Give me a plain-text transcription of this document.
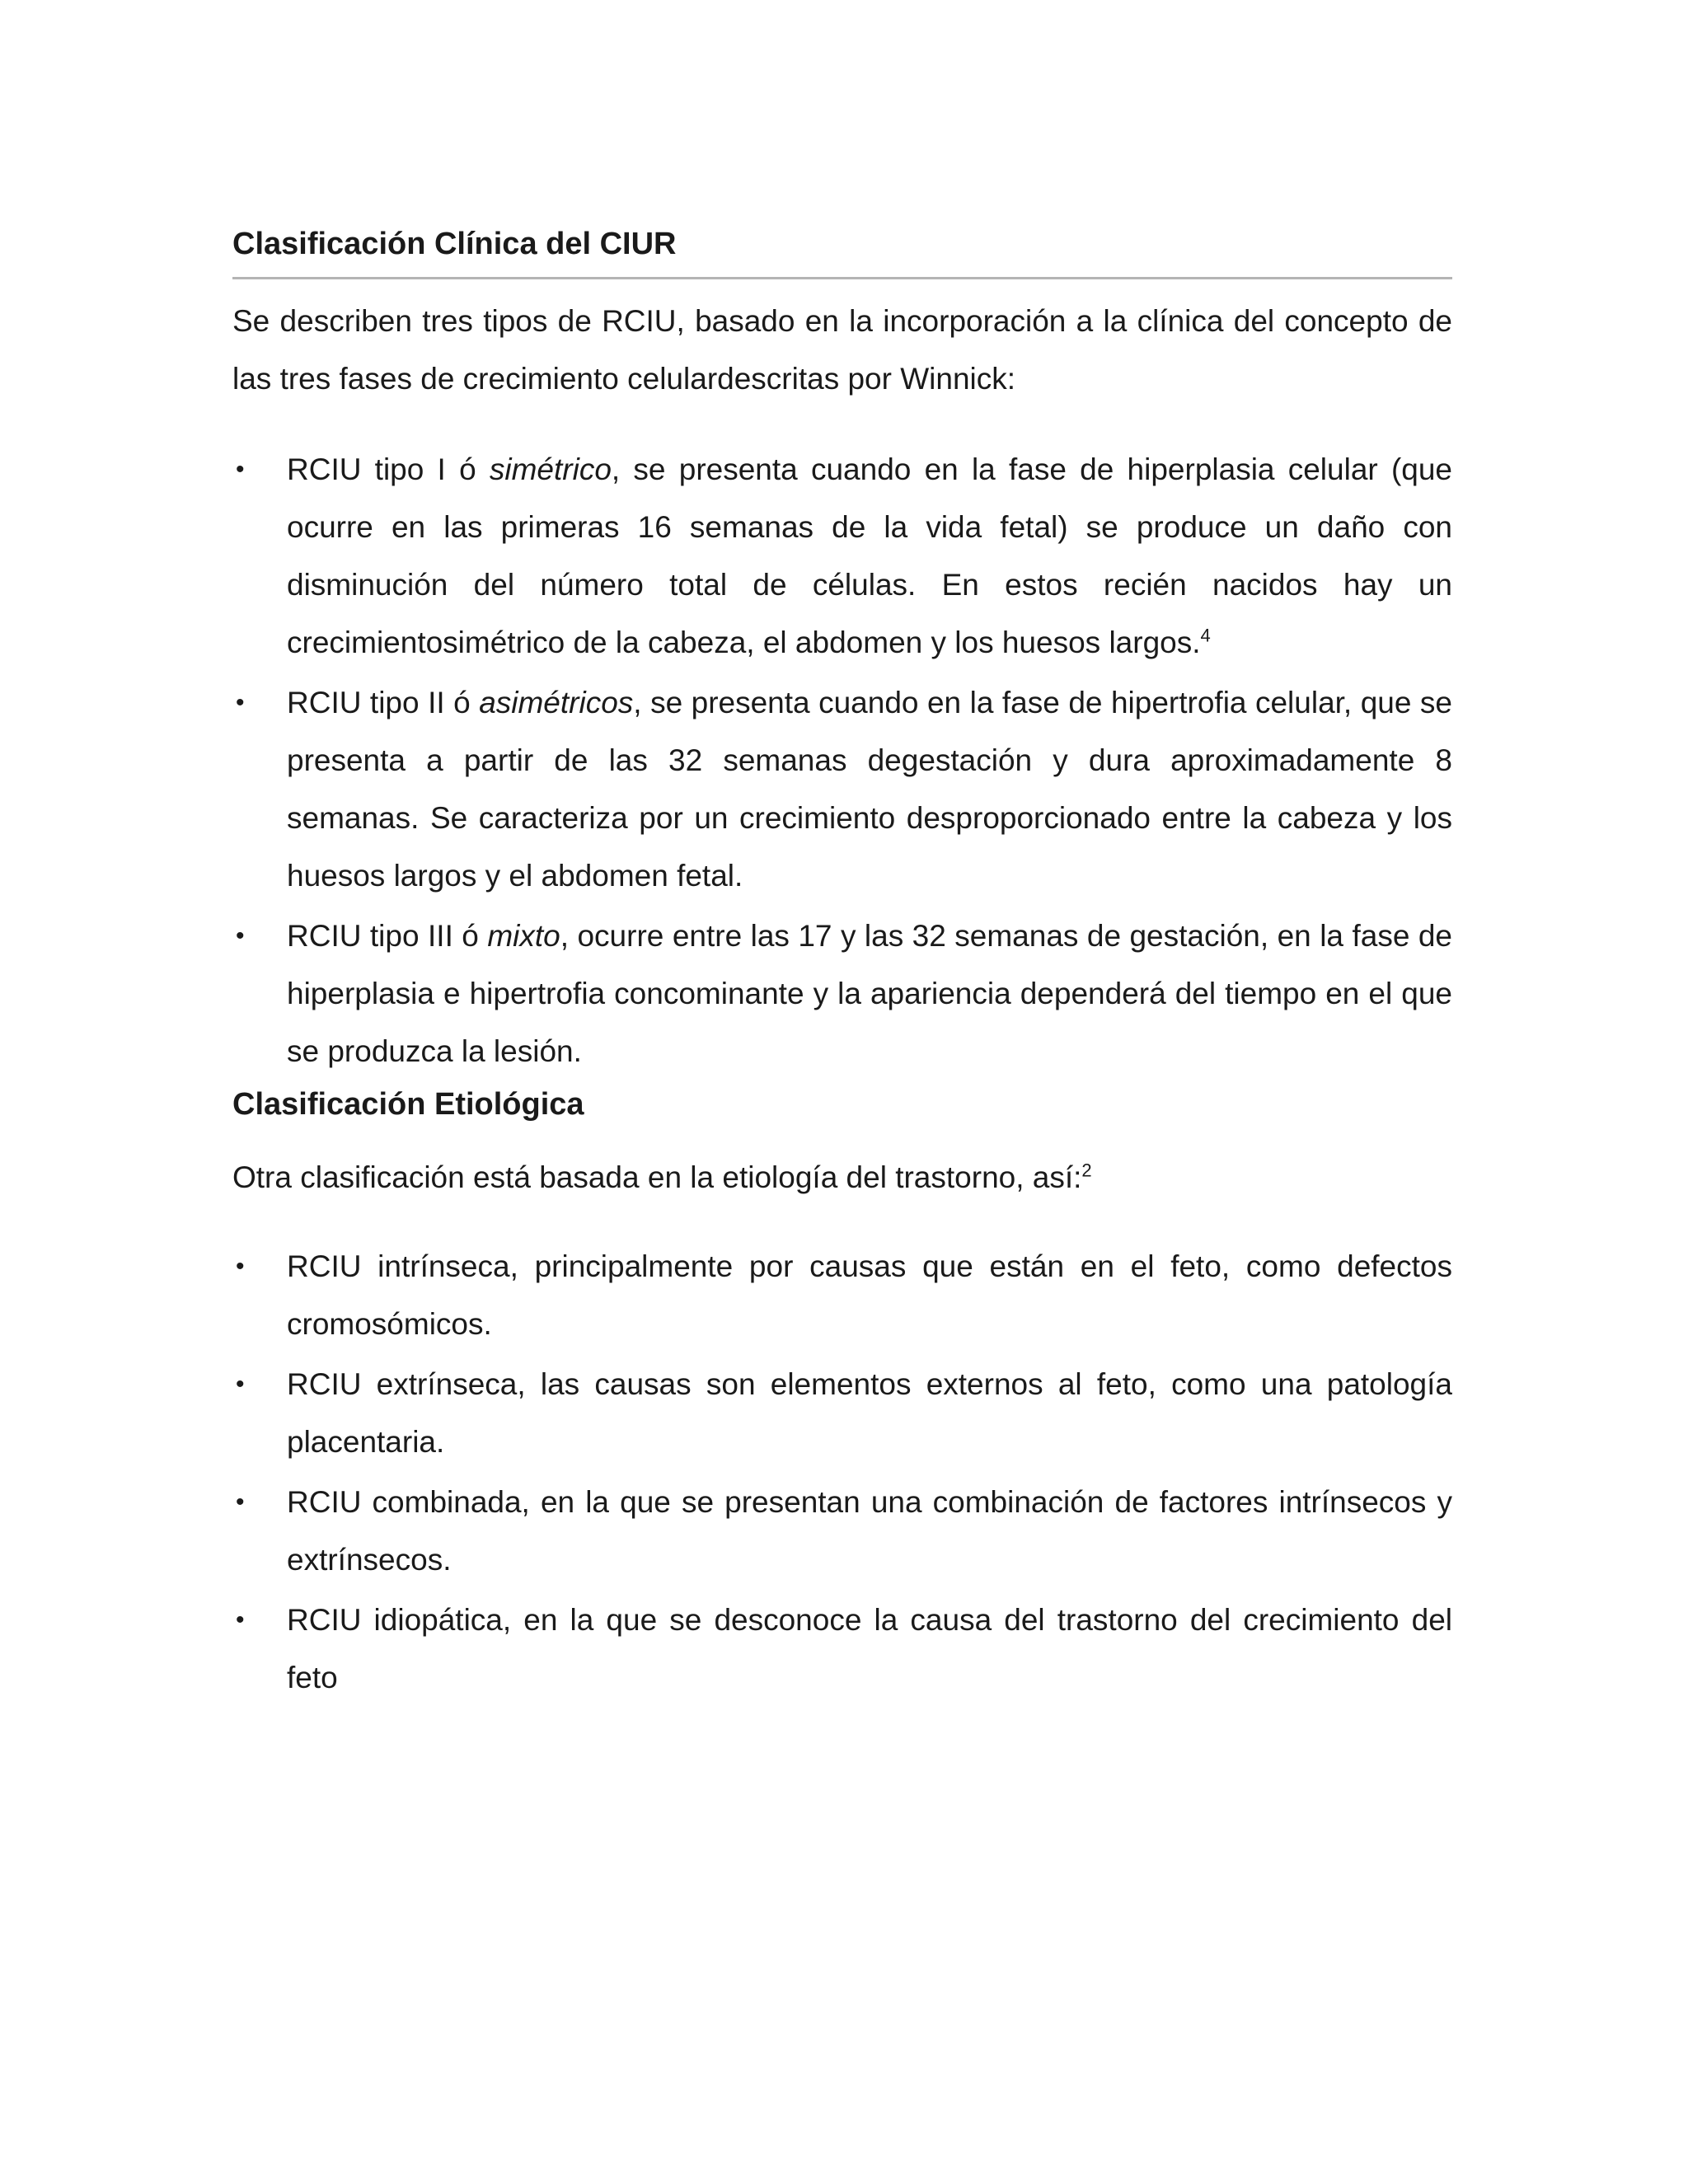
Clasificación Clínica del CIUR

Se describen tres tipos de RCIU, basado en la incorporación a la clínica del concepto de las tres fases de crecimiento celulardescritas por Winnick:

• RCIU tipo I ó simétrico, se presenta cuando en la fase de hiperplasia celular (que ocurre en las primeras 16 semanas de la vida fetal) se produce un daño con disminución del número total de células. En estos recién nacidos hay un crecimientosimétrico de la cabeza, el abdomen y los huesos largos.$^4$
• RCIU tipo II ó asimétricos, se presenta cuando en la fase de hipertrofia celular, que se presenta a partir de las 32 semanas degestación y dura aproximadamente 8 semanas. Se caracteriza por un crecimiento desproporcionado entre la cabeza y los huesos largos y el abdomen fetal.
• RCIU tipo III ó mixto, ocurre entre las 17 y las 32 semanas de gestación, en la fase de hiperplasia e hipertrofia concominante y la apariencia dependerá del tiempo en el que se produzca la lesión.
Clasificación Etiológica

Otra clasificación está basada en la etiología del trastorno, así:$^2$

• RCIU intrínseca, principalmente por causas que están en el feto, como defectos cromosómicos.
• RCIU extrínseca, las causas son elementos externos al feto, como una patología placentaria.
• RCIU combinada, en la que se presentan una combinación de factores intrínsecos y extrínsecos.
• RCIU idiopática, en la que se desconoce la causa del trastorno del crecimiento del feto
